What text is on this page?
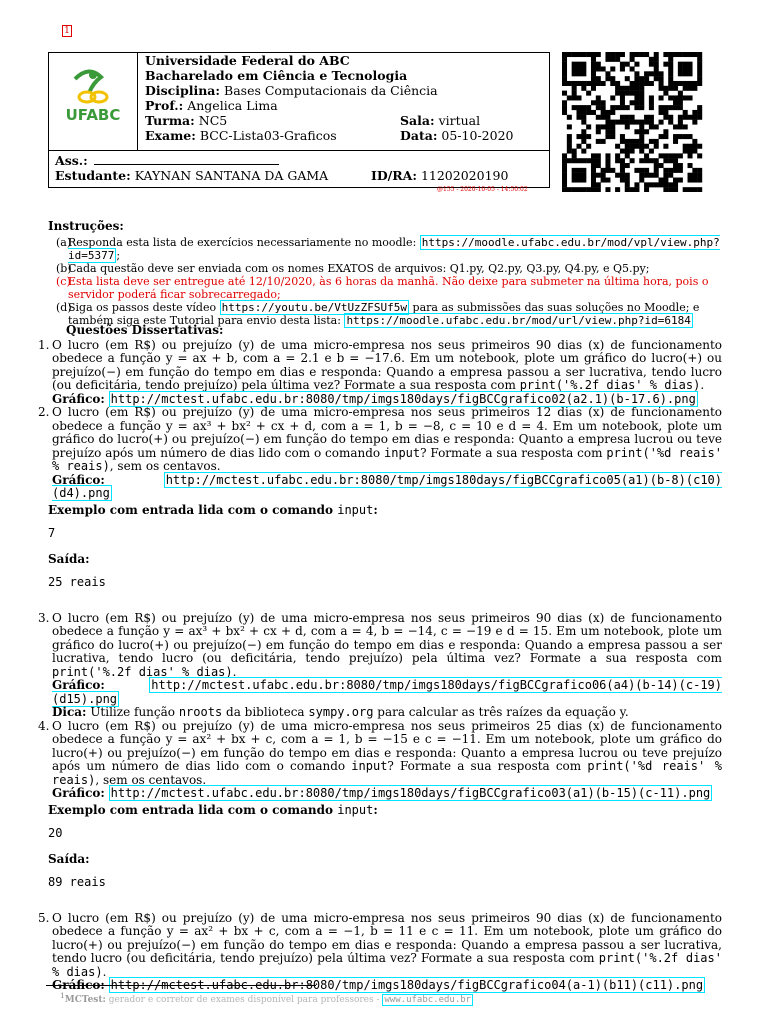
1
UFABC
Universidade Federal do ABC
Bacharelado em Ciência e Tecnologia
Disciplina: Bases Computacionais da Ciência
Prof.: Angelica Lima
Turma: NC5	Sala: virtual
Exame: BCC-Lista03-Graficos	Data: 05-10-2020
Ass.:
Estudante: KAYNAN SANTANA DA GAMA	ID/RA: 11202020190
@155 - 2020-10-05 - 14:50:02
Instruções:
(a)
Responda esta lista de exercícios necessariamente no moodle: https://moodle.ufabc.edu.br/mod/vpl/view.php?id=5377 ;
(b)
Cada questão deve ser enviada com os nomes EXATOS de arquivos: Q1.py, Q2.py, Q3.py, Q4.py, e Q5.py;
(c)
Esta lista deve ser entregue até 12/10/2020, às 6 horas da manhã. Não deixe para submeter na última hora, pois o servidor poderá ficar sobrecarregado;
(d)
Siga os passos deste vídeo https://youtu.be/VtUzZFSUf5w para as submissões das suas soluções no Moodle; e também siga este Tutorial para envio desta lista: https://moodle.ufabc.edu.br/mod/url/view.php?id=6184
Questões Dissertativas:
1. O lucro (em R$) ou prejuízo (y) de uma micro-empresa nos seus primeiros 90 dias (x) de funcionamento obedece a função y = ax + b, com a = 2.1 e b = −17.6. Em um notebook, plote um gráfico do lucro(+) ou prejuízo(−) em função do tempo em dias e responda: Quando a empresa passou a ser lucrativa, tendo lucro (ou deficitária, tendo prejuízo) pela última vez? Formate a sua resposta com print('%.2f dias' % dias).
Gráfico: http://mctest.ufabc.edu.br:8080/tmp/imgs180days/figBCCgrafico02(a2.1)(b-17.6).png
2. O lucro (em R$) ou prejuízo (y) de uma micro-empresa nos seus primeiros 12 dias (x) de funcionamento obedece a função y = ax³ + bx² + cx + d, com a = 1, b = −8, c = 10 e d = 4. Em um notebook, plote um gráfico do lucro(+) ou prejuízo(−) em função do tempo em dias e responda: Quanto a empresa lucrou ou teve prejuízo após um número de dias lido com o comando input? Formate a sua resposta com print('%d reais' % reais), sem os centavos.
Gráfico:	http://mctest.ufabc.edu.br:8080/tmp/imgs180days/figBCCgrafico05(a1)(b-8)(c10)(d4).png
Exemplo com entrada lida com o comando input:
7
Saída:
25 reais
3. O lucro (em R$) ou prejuízo (y) de uma micro-empresa nos seus primeiros 90 dias (x) de funcionamento obedece a função y = ax³ + bx² + cx + d, com a = 4, b = −14, c = −19 e d = 15. Em um notebook, plote um gráfico do lucro(+) ou prejuízo(−) em função do tempo em dias e responda: Quando a empresa passou a ser lucrativa, tendo lucro (ou deficitária, tendo prejuízo) pela última vez? Formate a sua resposta com print('%.2f dias' % dias).
Gráfico:	http://mctest.ufabc.edu.br:8080/tmp/imgs180days/figBCCgrafico06(a4)(b-14)(c-19)(d15).png
Dica: Utilize função nroots da biblioteca sympy.org para calcular as três raízes da equação y.
4. O lucro (em R$) ou prejuízo (y) de uma micro-empresa nos seus primeiros 25 dias (x) de funcionamento obedece a função y = ax² + bx + c, com a = 1, b = −15 e c = −11. Em um notebook, plote um gráfico do lucro(+) ou prejuízo(−) em função do tempo em dias e responda: Quanto a empresa lucrou ou teve prejuízo após um número de dias lido com o comando input? Formate a sua resposta com print('%d reais' % reais), sem os centavos.
Gráfico: http://mctest.ufabc.edu.br:8080/tmp/imgs180days/figBCCgrafico03(a1)(b-15)(c-11).png
Exemplo com entrada lida com o comando input:
20
Saída:
89 reais
5. O lucro (em R$) ou prejuízo (y) de uma micro-empresa nos seus primeiros 90 dias (x) de funcionamento obedece a função y = ax² + bx + c, com a = −1, b = 11 e c = 11. Em um notebook, plote um gráfico do lucro(+) ou prejuízo(−) em função do tempo em dias e responda: Quando a empresa passou a ser lucrativa, tendo lucro (ou deficitária, tendo prejuízo) pela última vez? Formate a sua resposta com print('%.2f dias' % dias).
Gráfico: http://mctest.ufabc.edu.br:8080/tmp/imgs180days/figBCCgrafico04(a-1)(b11)(c11).png
$^1$MCTest: gerador e corretor de exames disponível para professores - www.ufabc.edu.br
